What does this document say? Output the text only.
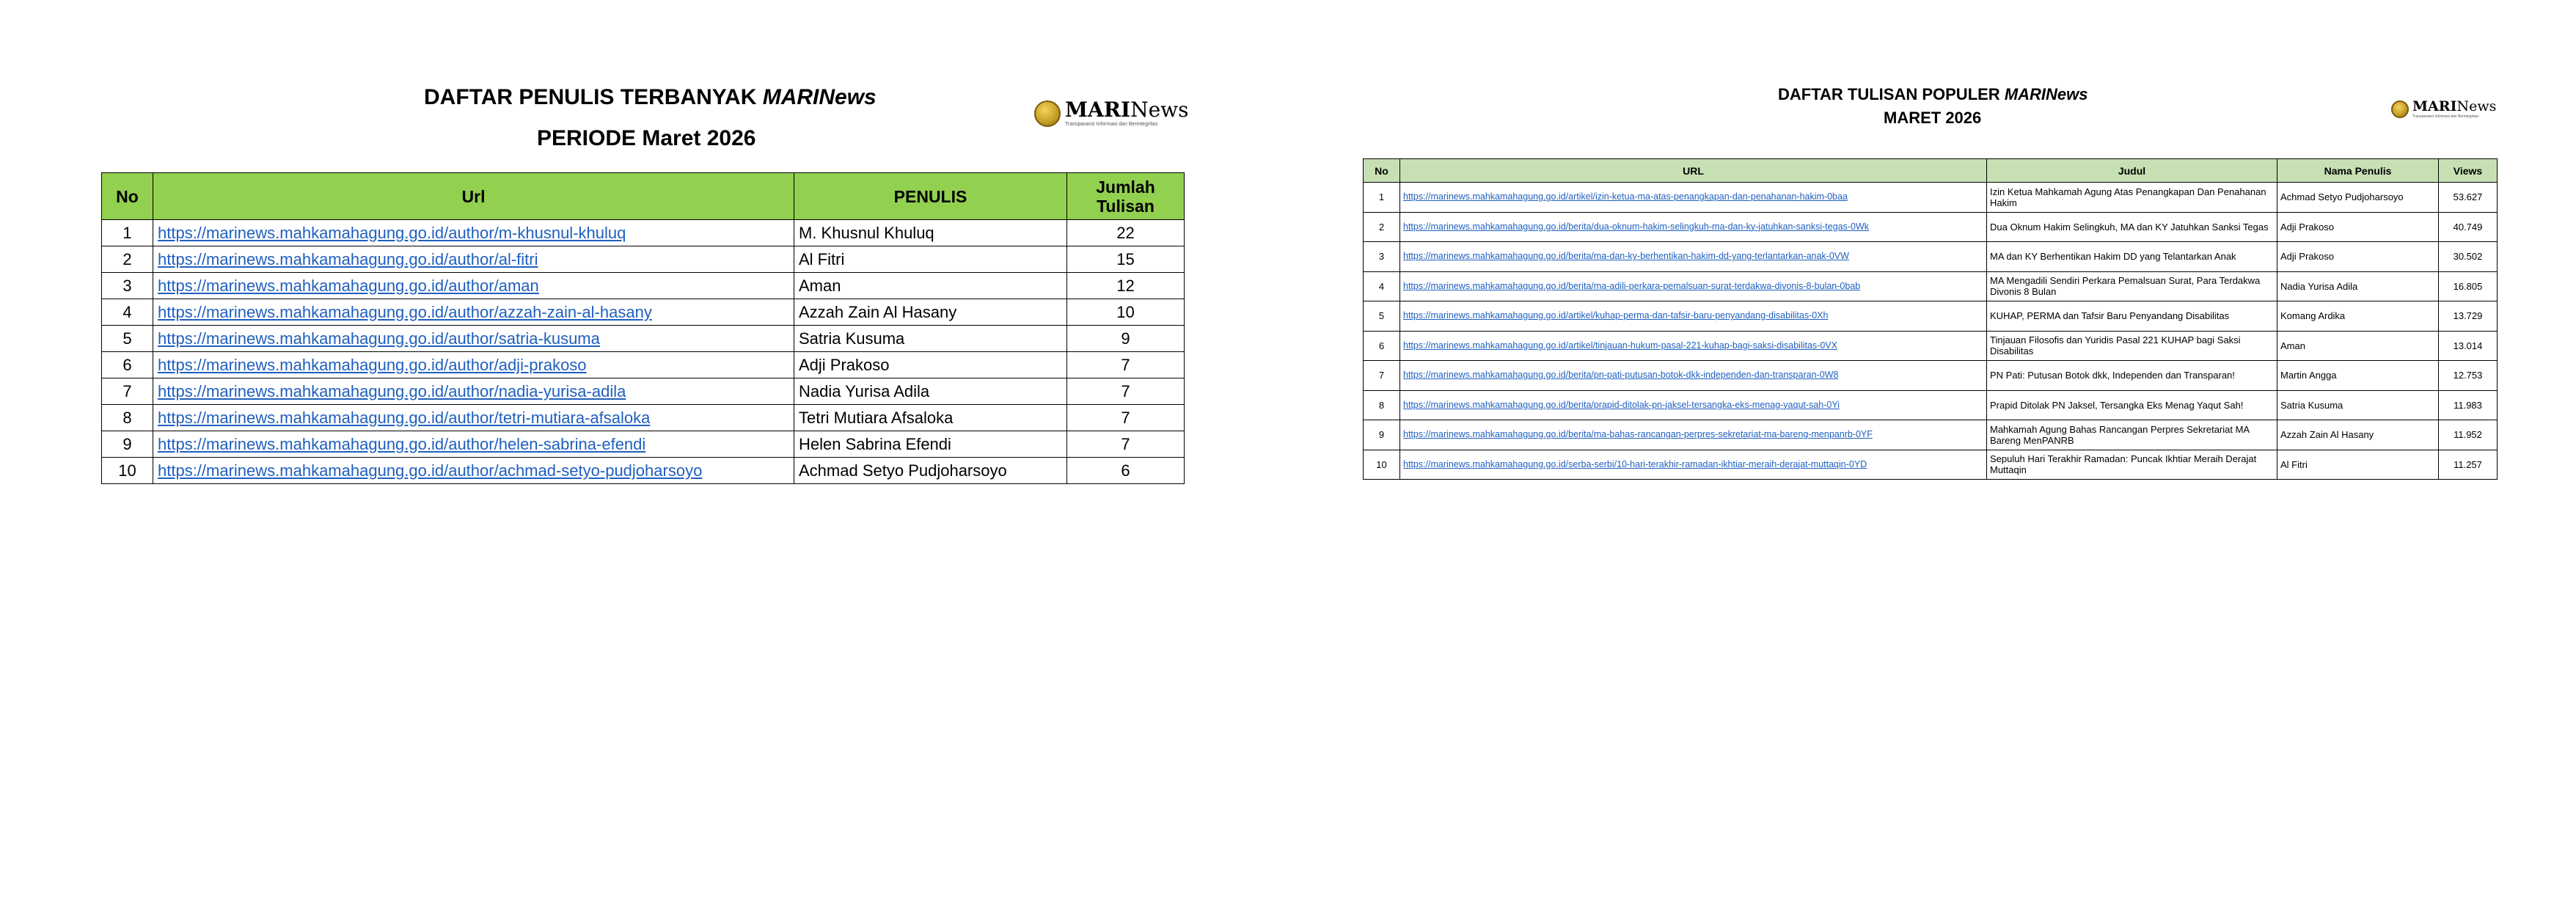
DAFTAR PENULIS TERBANYAK MARINews
PERIODE Maret 2026
MARINews
Transparansi Informasi dan Berintegritas
No	Url	PENULIS	Jumlah Tulisan
1	https://marinews.mahkamahagung.go.id/author/m-khusnul-khuluq	M. Khusnul Khuluq	22
2	https://marinews.mahkamahagung.go.id/author/al-fitri	Al Fitri	15
3	https://marinews.mahkamahagung.go.id/author/aman	Aman	12
4	https://marinews.mahkamahagung.go.id/author/azzah-zain-al-hasany	Azzah Zain Al Hasany	10
5	https://marinews.mahkamahagung.go.id/author/satria-kusuma	Satria Kusuma	9
6	https://marinews.mahkamahagung.go.id/author/adji-prakoso	Adji Prakoso	7
7	https://marinews.mahkamahagung.go.id/author/nadia-yurisa-adila	Nadia Yurisa Adila	7
8	https://marinews.mahkamahagung.go.id/author/tetri-mutiara-afsaloka	Tetri Mutiara Afsaloka	7
9	https://marinews.mahkamahagung.go.id/author/helen-sabrina-efendi	Helen Sabrina Efendi	7
10	https://marinews.mahkamahagung.go.id/author/achmad-setyo-pudjoharsoyo	Achmad Setyo Pudjoharsoyo	6
DAFTAR TULISAN POPULER MARINews
MARET 2026
MARINews
Transparansi Informasi dan Berintegritas
No	URL	Judul	Nama Penulis	Views
1	https://marinews.mahkamahagung.go.id/artikel/izin-ketua-ma-atas-penangkapan-dan-penahanan-hakim-0baa	Izin Ketua Mahkamah Agung Atas Penangkapan Dan Penahanan Hakim	Achmad Setyo Pudjoharsoyo	53.627
2	https://marinews.mahkamahagung.go.id/berita/dua-oknum-hakim-selingkuh-ma-dan-ky-jatuhkan-sanksi-tegas-0Wk	Dua Oknum Hakim Selingkuh, MA dan KY Jatuhkan Sanksi Tegas	Adji Prakoso	40.749
3	https://marinews.mahkamahagung.go.id/berita/ma-dan-ky-berhentikan-hakim-dd-yang-terlantarkan-anak-0VW	MA dan KY Berhentikan Hakim DD yang Telantarkan Anak	Adji Prakoso	30.502
4	https://marinews.mahkamahagung.go.id/berita/ma-adili-perkara-pemalsuan-surat-terdakwa-divonis-8-bulan-0bab	MA Mengadili Sendiri Perkara Pemalsuan Surat, Para Terdakwa Divonis 8 Bulan	Nadia Yurisa Adila	16.805
5	https://marinews.mahkamahagung.go.id/artikel/kuhap-perma-dan-tafsir-baru-penyandang-disabilitas-0Xh	KUHAP, PERMA dan Tafsir Baru Penyandang Disabilitas	Komang Ardika	13.729
6	https://marinews.mahkamahagung.go.id/artikel/tinjauan-hukum-pasal-221-kuhap-bagi-saksi-disabilitas-0VX	Tinjauan Filosofis dan Yuridis Pasal 221 KUHAP bagi Saksi Disabilitas	Aman	13.014
7	https://marinews.mahkamahagung.go.id/berita/pn-pati-putusan-botok-dkk-independen-dan-transparan-0W8	PN Pati: Putusan Botok dkk, Independen dan Transparan!	Martin Angga	12.753
8	https://marinews.mahkamahagung.go.id/berita/prapid-ditolak-pn-jaksel-tersangka-eks-menag-yaqut-sah-0Yi	Prapid Ditolak PN Jaksel, Tersangka Eks Menag Yaqut Sah!	Satria Kusuma	11.983
9	https://marinews.mahkamahagung.go.id/berita/ma-bahas-rancangan-perpres-sekretariat-ma-bareng-menpanrb-0YF	Mahkamah Agung Bahas Rancangan Perpres Sekretariat MA Bareng MenPANRB	Azzah Zain Al Hasany	11.952
10	https://marinews.mahkamahagung.go.id/serba-serbi/10-hari-terakhir-ramadan-ikhtiar-meraih-derajat-muttaqin-0YD	Sepuluh Hari Terakhir Ramadan: Puncak Ikhtiar Meraih Derajat Muttaqin	Al Fitri	11.257
